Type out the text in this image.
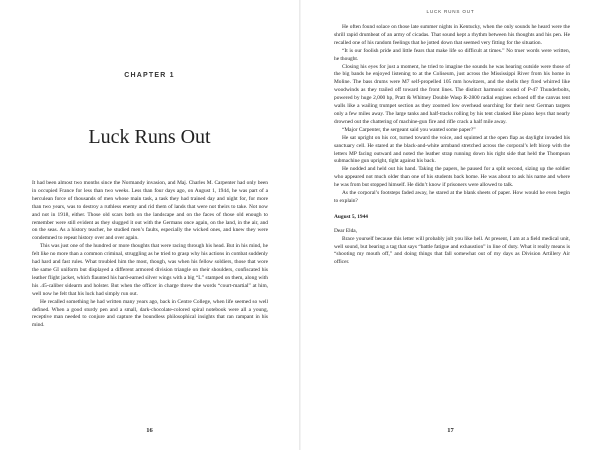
CHAPTER 1
Luck Runs Out

It had been almost two months since the Normandy invasion, and Maj. Charles M. Carpenter had only been in occupied France for less than two weeks. Less than four days ago, on August 1, 1944, he was part of a herculean force of thousands of men whose main task, a task they had trained day and night for, for more than two years, was to destroy a ruthless enemy and rid them of lands that were not theirs to take. Not now and not in 1918, either. Those old scars both on the landscape and on the faces of those old enough to remember were still evident as they slugged it out with the Germans once again, on the land, in the air, and on the seas. As a history teacher, he studied men’s faults, especially the wicked ones, and knew they were condemned to repeat history over and over again.

This was just one of the hundred or more thoughts that were racing through his head. But in his mind, he felt like no more than a common criminal, struggling as he tried to grasp why his actions in combat suddenly had hard and fast rules. What troubled him the most, though, was when his fellow soldiers, those that wore the same GI uniform but displayed a different armored division triangle on their shoulders, confiscated his leather flight jacket, which flaunted his hard-earned silver wings with a big “L” stamped on them, along with his .45-caliber sidearm and holster. But when the officer in charge threw the words “court-martial” at him, well now he felt that his luck had simply run out.

He recalled something he had written many years ago, back in Centre College, when life seemed so well defined. When a good sturdy pen and a small, dark-chocolate-colored spiral notebook were all a young, receptive man needed to conjure and capture the boundless philosophical insights that ran rampant in his mind.

16
LUCK RUNS OUT

He often found solace on those late summer nights in Kentucky, when the only sounds he heard were the shrill rapid drumbeat of an army of cicadas. That sound kept a rhythm between his thoughts and his pen. He recalled one of his random feelings that he jotted down that seemed very fitting for the situation.

“It is our foolish pride and little fears that make life so difficult at times.” No truer words were written, he thought.

Closing his eyes for just a moment, he tried to imagine the sounds he was hearing outside were those of the big bands he enjoyed listening to at the Coliseum, just across the Mississippi River from his home in Moline. The bass drums were M7 self-propelled 105 mm howitzers, and the shells they fired whirred like woodwinds as they trailed off toward the front lines. The distinct harmonic sound of P-47 Thunderbolts, powered by huge 2,000 hp, Pratt & Whitney Double Wasp R-2800 radial engines echoed off the canvas tent walls like a wailing trumpet section as they zoomed low overhead searching for their next German targets only a few miles away. The large tanks and half-tracks rolling by his tent clanked like piano keys that nearly drowned out the chattering of machine-gun fire and rifle crack a half mile away.

“Major Carpenter, the sergeant said you wanted some paper?”

He sat upright on his cot, turned toward the voice, and squinted at the open flap as daylight invaded his sanctuary cell. He stared at the black-and-white armband stretched across the corporal’s left bicep with the letters MP facing outward and noted the leather strap running down his right side that held the Thompson submachine gun upright, tight against his back.

He nodded and held out his hand. Taking the papers, he paused for a split second, sizing up the soldier who appeared not much older than one of his students back home. He was about to ask his name and where he was from but stopped himself. He didn’t know if prisoners were allowed to talk.

As the corporal’s footsteps faded away, he stared at the blank sheets of paper. How would he even begin to explain?

August 5, 1944

Dear Elda,

Brace yourself because this letter will probably jolt you like hell. At present, I am at a field medical unit, well sound, but bearing a tag that says “battle fatigue and exhaustion” in line of duty. What it really means is “shooting my mouth off,” and doing things that fall somewhat out of my days as Division Artillery Air officer.

17
